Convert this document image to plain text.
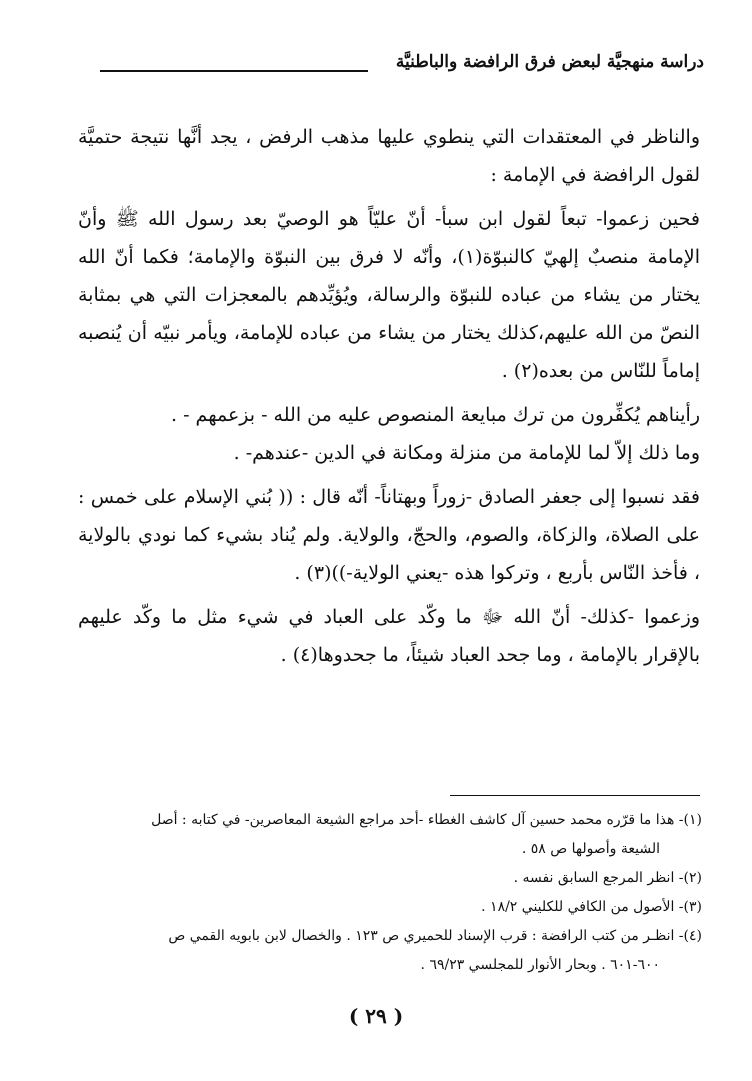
دراسة منهجيَّة لبعض فرق الرافضة والباطنيَّة

والناظر في المعتقدات التي ينطوي عليها مذهب الرفض ، يجد أنَّها نتيجة حتميَّة لقول الرافضة في الإمامة :

فحين زعموا- تبعاً لقول ابن سبأ- أنّ عليّاً هو الوصيّ بعد رسول الله ﷺ وأنّ الإمامة منصبٌ إلهيّ كالنبوّة(١)، وأنّه لا فرق بين النبوّة والإمامة؛ فكما أنّ الله يختار من يشاء من عباده للنبوّة والرسالة، ويُؤيِّدهم بالمعجزات التي هي بمثابة النصّ من الله عليهم،كذلك يختار من يشاء من عباده للإمامة، ويأمر نبيّه أن يُنصبه إماماً للنّاس من بعده(٢) .

رأيناهم يُكفِّرون من ترك مبايعة المنصوص عليه من الله - بزعمهم - .

وما ذلك إلاّ لما للإمامة من منزلة ومكانة في الدين -عندهم- .

فقد نسبوا إلى جعفر الصادق -زوراً وبهتاناً- أنّه قال : (( بُني الإسلام على خمس : على الصلاة، والزكاة، والصوم، والحجّ، والولاية. ولم يُناد بشيء كما نودي بالولاية ، فأخذ النّاس بأربع ، وتركوا هذه -يعني الولاية-))(٣) .

وزعموا -كذلك- أنّ الله ﷻ ما وكّد على العباد في شيء مثل ما وكّد عليهم بالإقرار بالإمامة ، وما جحد العباد شيئاً، ما جحدوها(٤) .

(١)- هذا ما قرّره محمد حسين آل كاشف الغطاء -أحد مراجع الشيعة المعاصرين- في كتابه : أصل

الشيعة وأصولها ص ٥٨ .

(٢)- انظر المرجع السابق نفسه .

(٣)- الأصول من الكافي للكليني ١٨/٢ .

(٤)- انظـر من كتب الرافضة : قرب الإسناد للحميري ص ١٢٣ . والخصال لابن بابويه القمي ص

٦٠٠-٦٠١ . وبحار الأنوار للمجلسي ٦٩/٢٣ .

( ٢٩ )
